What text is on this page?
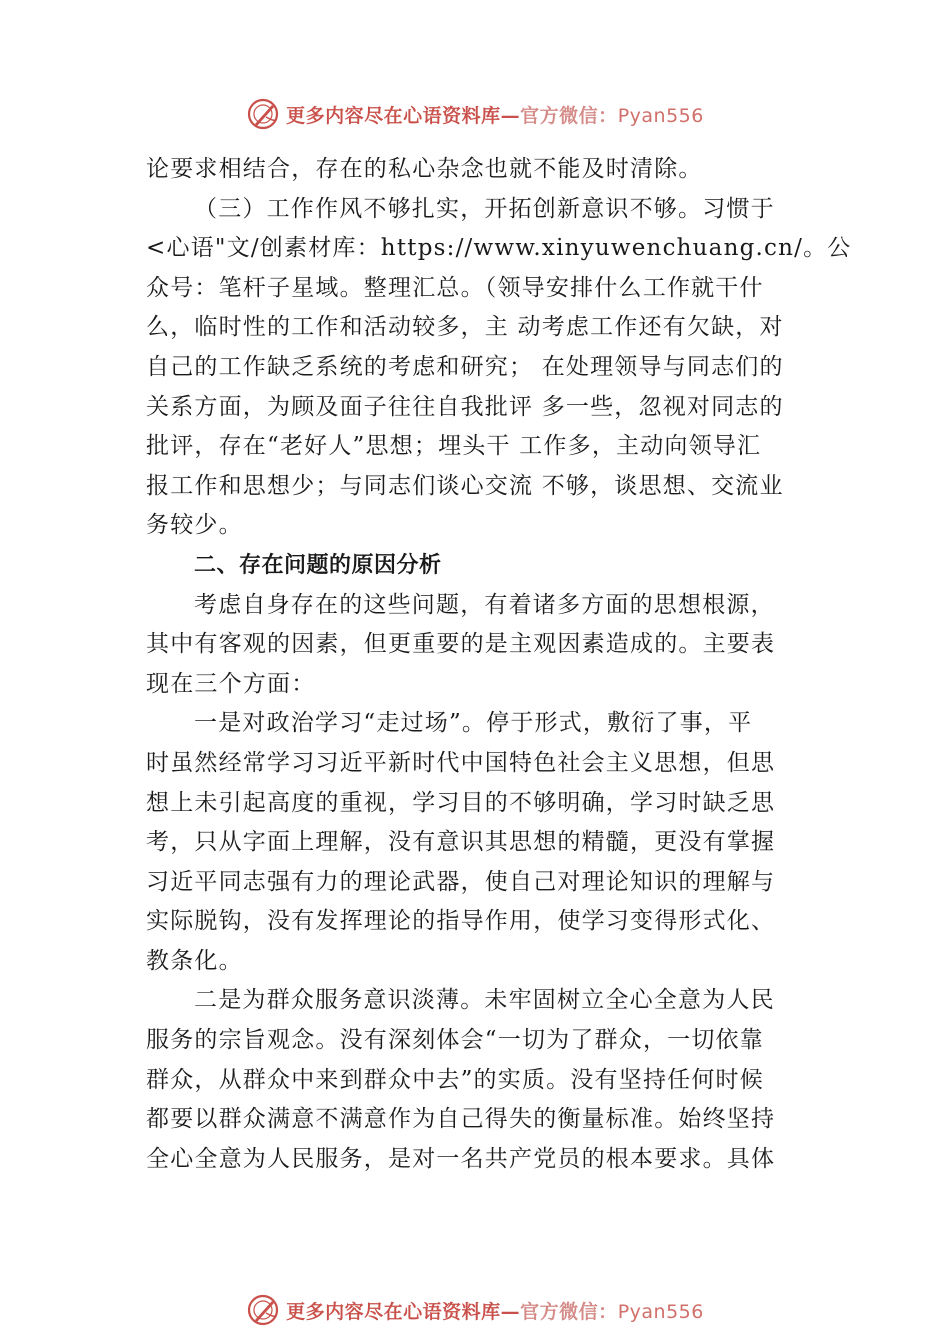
更多内容尽在心语资料库—官方微信：Pyan556
论要求相结合，存在的私心杂念也就不能及时清除。
（三）工作作风不够扎实，开拓创新意识不够。习惯于
<心语"文/创素材库：https://www.xinyuwenchuang.cn/。公
众号：笔杆子星域。整理汇总。（领导安排什么工作就干什
么，临时性的工作和活动较多，主 动考虑工作还有欠缺，对
自己的工作缺乏系统的考虑和研究； 在处理领导与同志们的
关系方面，为顾及面子往往自我批评 多一些，忽视对同志的
批评，存在“老好人”思想；埋头干 工作多，主动向领导汇
报工作和思想少；与同志们谈心交流 不够，谈思想、交流业
务较少。
二、存在问题的原因分析
考虑自身存在的这些问题，有着诸多方面的思想根源，
其中有客观的因素，但更重要的是主观因素造成的。主要表
现在三个方面：
一是对政治学习“走过场”。停于形式，敷衍了事，平
时虽然经常学习习近平新时代中国特色社会主义思想，但思
想上未引起高度的重视，学习目的不够明确，学习时缺乏思
考，只从字面上理解，没有意识其思想的精髓，更没有掌握
习近平同志强有力的理论武器，使自己对理论知识的理解与
实际脱钩，没有发挥理论的指导作用，使学习变得形式化、
教条化。
二是为群众服务意识淡薄。未牢固树立全心全意为人民
服务的宗旨观念。没有深刻体会“一切为了群众，一切依靠
群众，从群众中来到群众中去”的实质。没有坚持任何时候
都要以群众满意不满意作为自己得失的衡量标准。始终坚持
全心全意为人民服务，是对一名共产党员的根本要求。具体
更多内容尽在心语资料库—官方微信：Pyan556
